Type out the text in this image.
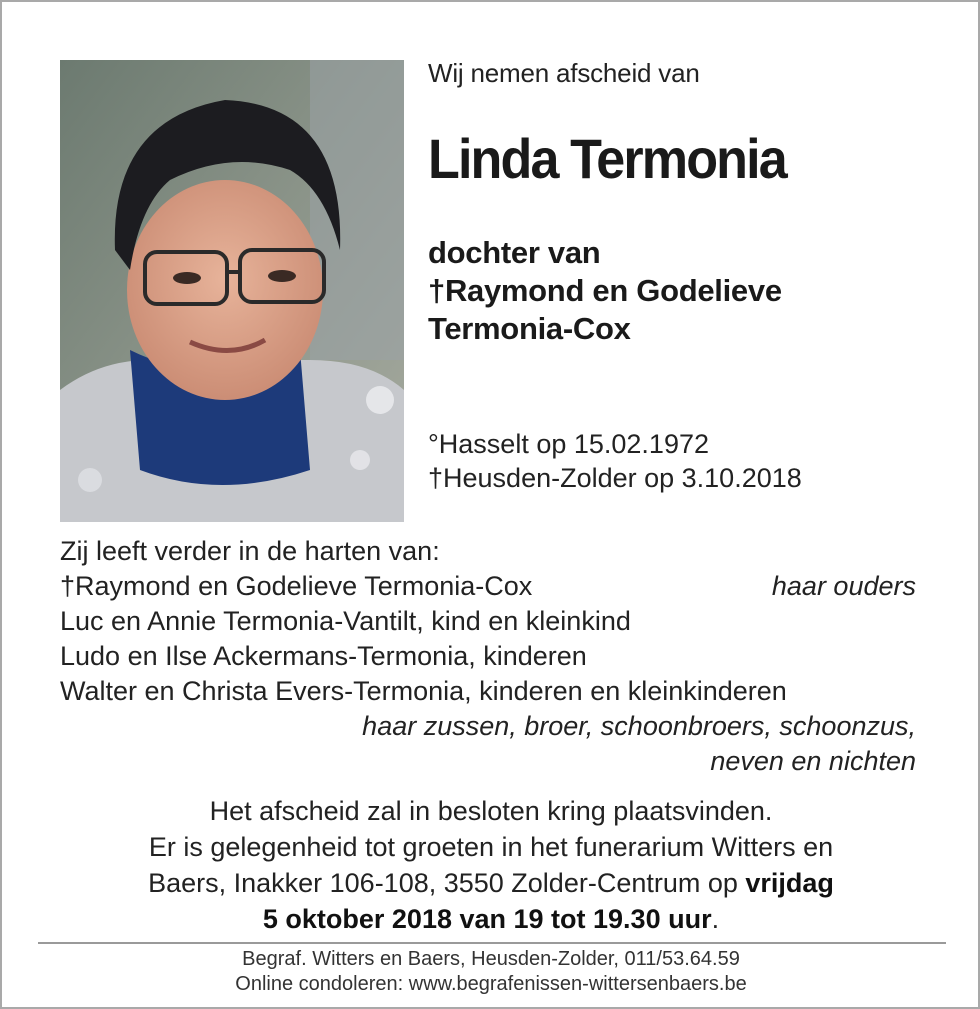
Wij nemen afscheid van
Linda Termonia
dochter van
†Raymond en Godelieve
Termonia-Cox
°Hasselt op 15.02.1972
†Heusden-Zolder op 3.10.2018
Zij leeft verder in de harten van:
†Raymond en Godelieve Termonia-Cox	haar ouders
Luc en Annie Termonia-Vantilt, kind en kleinkind
Ludo en Ilse Ackermans-Termonia, kinderen
Walter en Christa Evers-Termonia, kinderen en kleinkinderen
haar zussen, broer, schoonbroers, schoonzus,
neven en nichten
Het afscheid zal in besloten kring plaatsvinden.
Er is gelegenheid tot groeten in het funerarium Witters en
Baers, Inakker 106-108, 3550 Zolder-Centrum op vrijdag
5 oktober 2018 van 19 tot 19.30 uur.
Begraf. Witters en Baers, Heusden-Zolder, 011/53.64.59
Online condoleren: www.begrafenissen-wittersenbaers.be
